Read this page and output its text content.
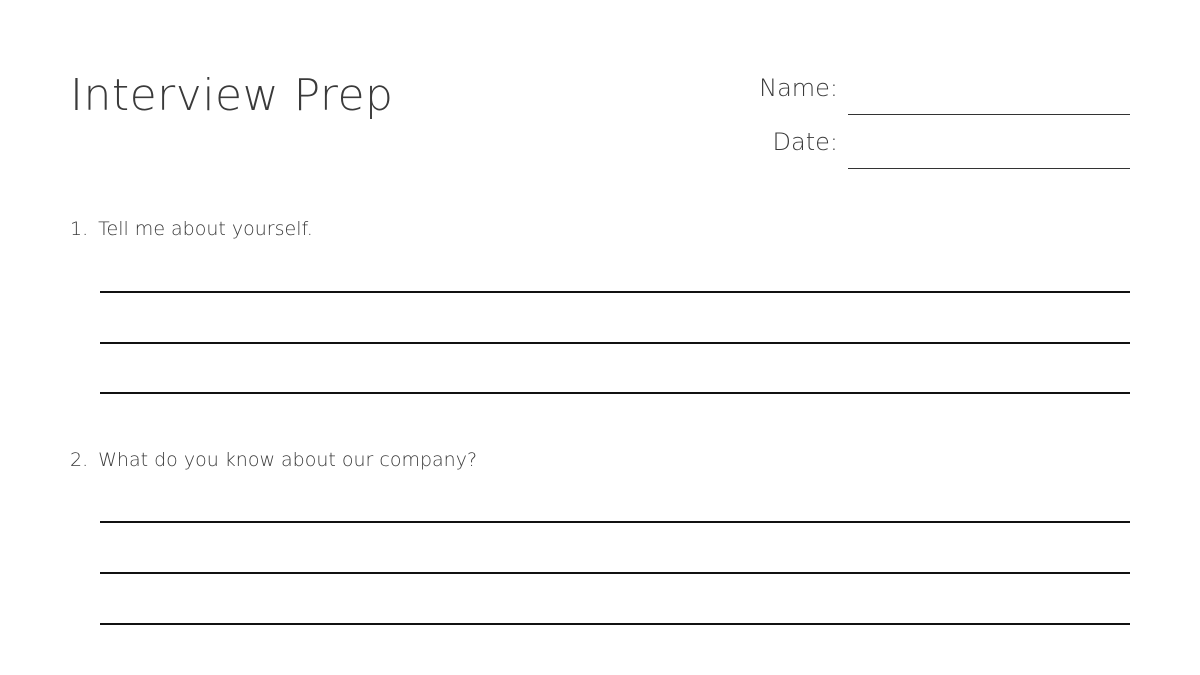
Interview Prep	Name:
Date:
1. Tell me about yourself.
2. What do you know about our company?
